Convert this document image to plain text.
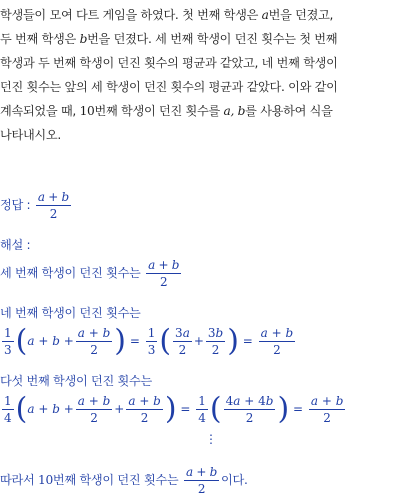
학생들이 모여 다트 게임을 하였다. 첫 번째 학생은 a번을 던졌고,
두 번째 학생은 b번을 던졌다. 세 번째 학생이 던진 횟수는 첫 번째
학생과 두 번째 학생이 던진 횟수의 평균과 같았고, 네 번째 학생이
던진 횟수는 앞의 세 학생이 던진 횟수의 평균과 같았다. 이와 같이
계속되었을 때, 10번째 학생이 던진 횟수를 a, b를 사용하여 식을
나타내시오.
정답 : $\frac{a + b}{2}$
해설 :
세 번째 학생이 던진 횟수는 $\frac{a + b}{2}$
네 번째 학생이 던진 횟수는
$\frac{1}{3} (a + b + \frac{a + b}{2}$ ) = $\frac{1}{3}$ ( $\frac{3a}{2} + \frac{3b}{2}$ ) = $\frac{a + b}{2}$
다섯 번째 학생이 던진 횟수는
$\frac{1}{4} (a + b + \frac{a + b}{2} + \frac{a + b}{2}$ ) = $\frac{1}{4}$ ( $\frac{4a + 4b}{2}$ ) = $\frac{a + b}{2}$
⋮
따라서 10번째 학생이 던진 횟수는 $\frac{a + b}{2}$ 이다.
